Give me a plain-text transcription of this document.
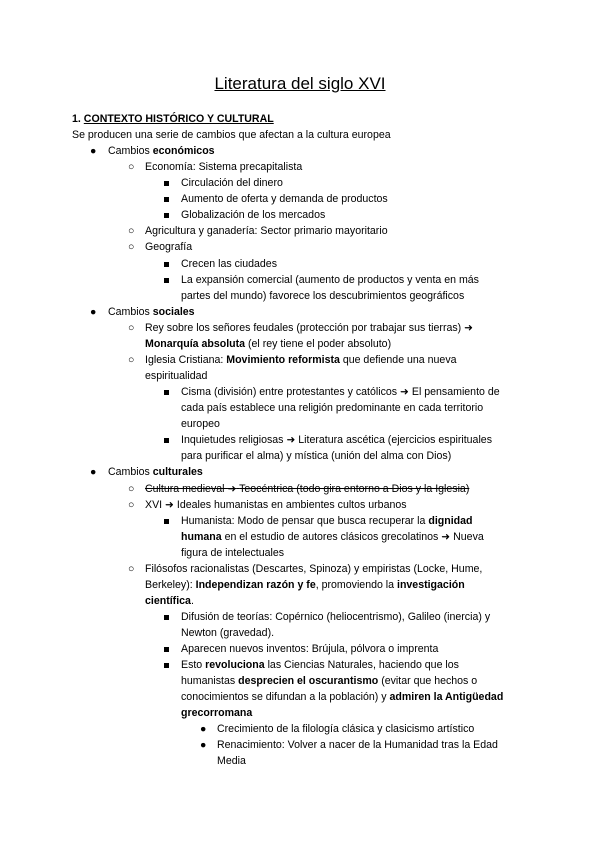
Literatura del siglo XVI
1. CONTEXTO HISTÓRICO Y CULTURAL
Se producen una serie de cambios que afectan a la cultura europea
● Cambios económicos
○ Economía: Sistema precapitalista
Circulación del dinero
Aumento de oferta y demanda de productos
Globalización de los mercados
○ Agricultura y ganadería: Sector primario mayoritario
○ Geografía
Crecen las ciudades
La expansión comercial (aumento de productos y venta en más
partes del mundo) favorece los descubrimientos geográficos
● Cambios sociales
○ Rey sobre los señores feudales (protección por trabajar sus tierras) ➜
Monarquía absoluta (el rey tiene el poder absoluto)
○ Iglesia Cristiana: Movimiento reformista que defiende una nueva
espiritualidad
Cisma (división) entre protestantes y católicos ➜ El pensamiento de
cada país establece una religión predominante en cada territorio
europeo
Inquietudes religiosas ➜ Literatura ascética (ejercicios espirituales
para purificar el alma) y mística (unión del alma con Dios)
● Cambios culturales
○ Cultura medieval ➜ Teocéntrica (todo gira entorno a Dios y la Iglesia)
○ XVI ➜ Ideales humanistas en ambientes cultos urbanos
Humanista: Modo de pensar que busca recuperar la dignidad
humana en el estudio de autores clásicos grecolatinos ➜ Nueva
figura de intelectuales
○ Filósofos racionalistas (Descartes, Spinoza) y empiristas (Locke, Hume,
Berkeley): Independizan razón y fe, promoviendo la investigación
científica.
Difusión de teorías: Copérnico (heliocentrismo), Galileo (inercia) y
Newton (gravedad).
Aparecen nuevos inventos: Brújula, pólvora o imprenta
Esto revoluciona las Ciencias Naturales, haciendo que los
humanistas desprecien el oscurantismo (evitar que hechos o
conocimientos se difundan a la población) y admiren la Antigüedad
grecorromana
● Crecimiento de la filología clásica y clasicismo artístico
● Renacimiento: Volver a nacer de la Humanidad tras la Edad
Media
